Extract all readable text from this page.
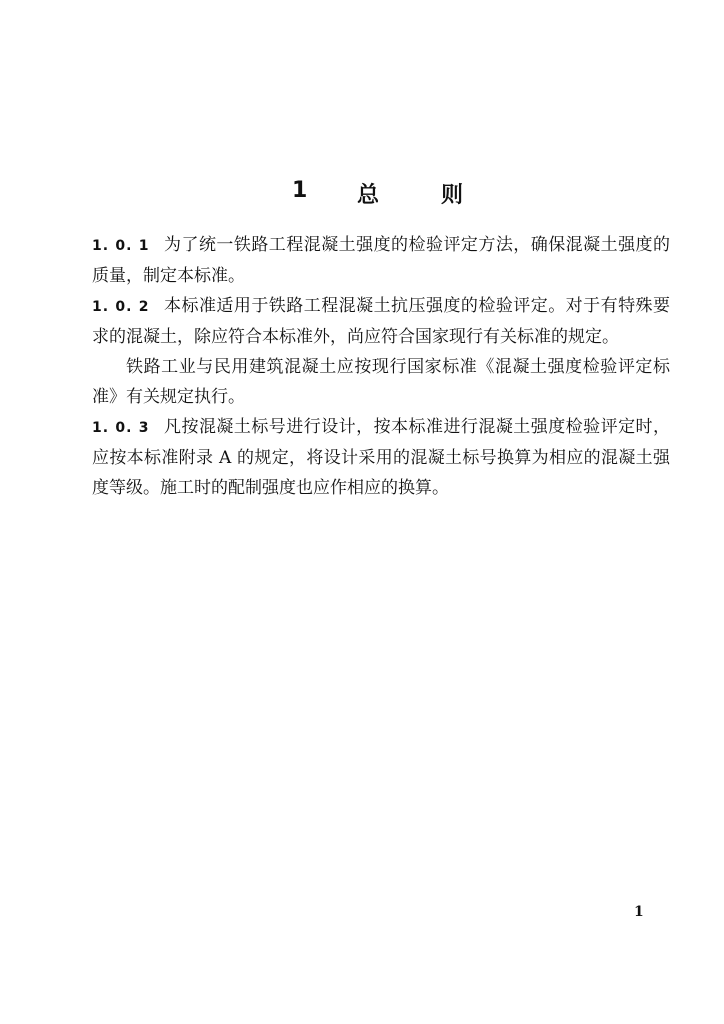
1 总	则

1. 0. 1 为了统一铁路工程混凝土强度的检验评定方法，确保混凝土强度的质量，制定本标准。

1. 0. 2 本标准适用于铁路工程混凝土抗压强度的检验评定。对于有特殊要求的混凝土，除应符合本标准外，尚应符合国家现行有关标准的规定。

铁路工业与民用建筑混凝土应按现行国家标准《混凝土强度检验评定标准》有关规定执行。

1. 0. 3 凡按混凝土标号进行设计，按本标准进行混凝土强度检验评定时，应按本标准附录 A 的规定，将设计采用的混凝土标号换算为相应的混凝土强度等级。施工时的配制强度也应作相应的换算。

1
